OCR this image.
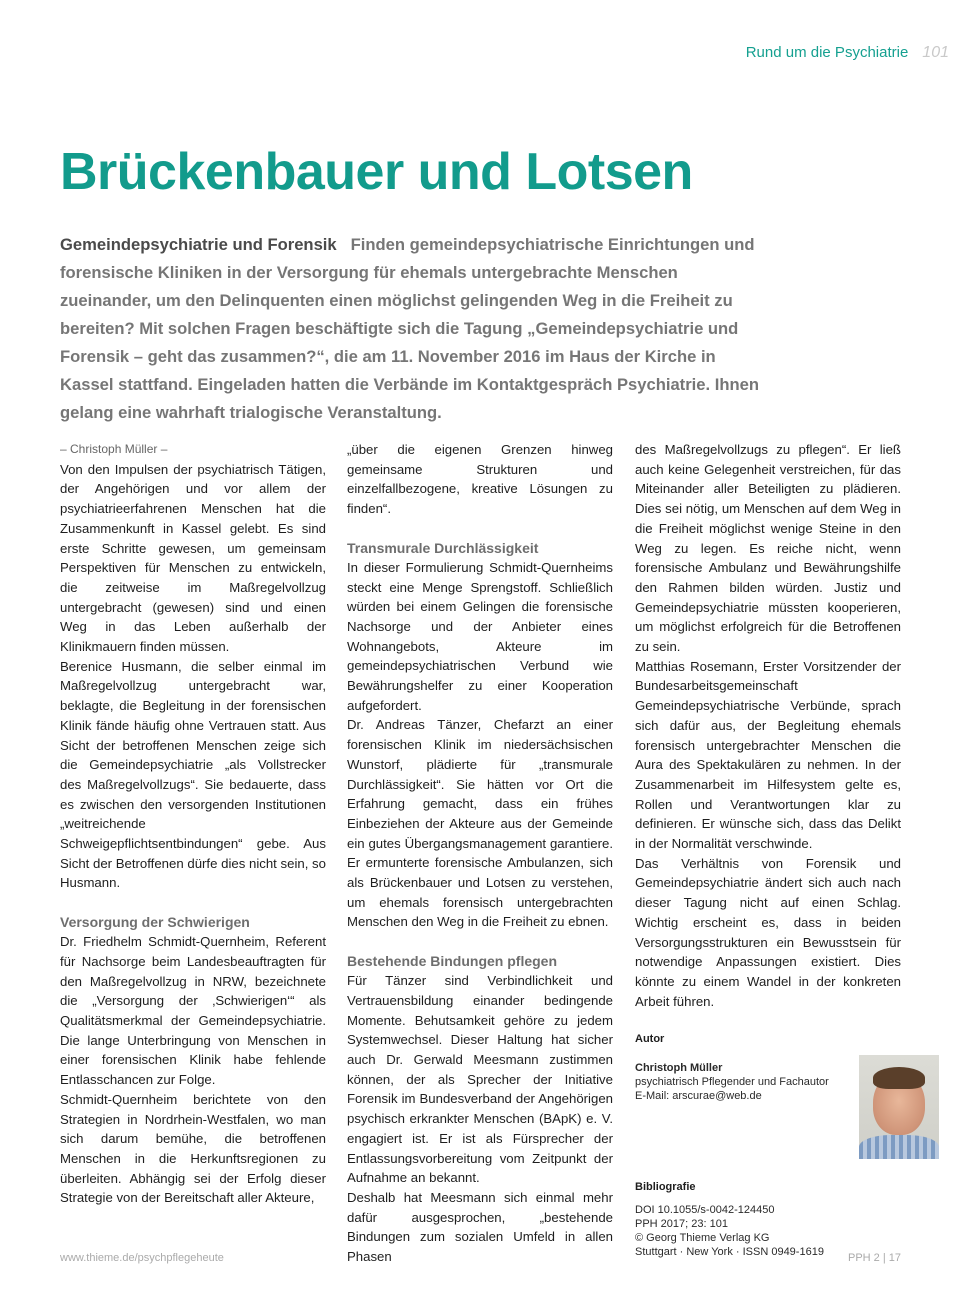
Rund um die Psychiatrie 101
Brückenbauer und Lotsen

Gemeindepsychiatrie und Forensik Finden gemeindepsychiatrische Einrichtungen und forensische Kliniken in der Versorgung für ehemals untergebrachte Menschen zueinander, um den Delinquenten einen möglichst gelingenden Weg in die Freiheit zu bereiten? Mit solchen Fragen beschäftigte sich die Tagung „Gemeindepsychiatrie und Forensik – geht das zusammen?“, die am 11. November 2016 im Haus der Kirche in Kassel stattfand. Eingeladen hatten die Verbände im Kontaktgespräch Psychiatrie. Ihnen gelang eine wahrhaft trialogische Veranstaltung.

– Christoph Müller –

Von den Impulsen der psychiatrisch Tätigen, der Angehörigen und vor allem der psychiatrieerfahrenen Menschen hat die Zusammenkunft in Kassel gelebt. Es sind erste Schritte gewesen, um gemeinsam Perspektiven für Menschen zu entwickeln, die zeitweise im Maßregelvollzug untergebracht (gewesen) sind und einen Weg in das Leben außerhalb der Klinikmauern finden müssen.

Berenice Husmann, die selber einmal im Maßregelvollzug untergebracht war, beklagte, die Begleitung in der forensischen Klinik fände häufig ohne Vertrauen statt. Aus Sicht der betroffenen Menschen zeige sich die Gemeindepsychiatrie „als Vollstrecker des Maßregelvollzugs“. Sie bedauerte, dass es zwischen den versorgenden Institutionen „weitreichende Schweigepflichtsentbindungen“ gebe. Aus Sicht der Betroffenen dürfe dies nicht sein, so Husmann.

Versorgung der Schwierigen

Dr. Friedhelm Schmidt-Quernheim, Referent für Nachsorge beim Landesbeauftragten für den Maßregelvollzug in NRW, bezeichnete die „Versorgung der ‚Schwierigen‘“ als Qualitätsmerkmal der Gemeindepsychiatrie. Die lange Unterbringung von Menschen in einer forensischen Klinik habe fehlende Entlasschancen zur Folge.

Schmidt-Quernheim berichtete von den Strategien in Nordrhein-Westfalen, wo man sich darum bemühe, die betroffenen Menschen in die Herkunftsregionen zu überleiten. Abhängig sei der Erfolg dieser Strategie von der Bereitschaft aller Akteure,

„über die eigenen Grenzen hinweg gemeinsame Strukturen und einzelfallbezogene, kreative Lösungen zu finden“.

Transmurale Durchlässigkeit

In dieser Formulierung Schmidt-Quernheims steckt eine Menge Sprengstoff. Schließlich würden bei einem Gelingen die forensische Nachsorge und der Anbieter eines Wohnangebots, Akteure im gemeindepsychiatrischen Verbund wie Bewährungshelfer zu einer Kooperation aufgefordert.

Dr. Andreas Tänzer, Chefarzt an einer forensischen Klinik im niedersächsischen Wunstorf, plädierte für „transmurale Durchlässigkeit“. Sie hätten vor Ort die Erfahrung gemacht, dass ein frühes Einbeziehen der Akteure aus der Gemeinde ein gutes Übergangsmanagement garantiere. Er ermunterte forensische Ambulanzen, sich als Brückenbauer und Lotsen zu verstehen, um ehemals forensisch untergebrachten Menschen den Weg in die Freiheit zu ebnen.

Bestehende Bindungen pflegen

Für Tänzer sind Verbindlichkeit und Vertrauensbildung einander bedingende Momente. Behutsamkeit gehöre zu jedem Systemwechsel. Dieser Haltung hat sicher auch Dr. Gerwald Meesmann zustimmen können, der als Sprecher der Initiative Forensik im Bundesverband der Angehörigen psychisch erkrankter Menschen (BApK) e. V. engagiert ist. Er ist als Fürsprecher der Entlassungsvorbereitung vom Zeitpunkt der Aufnahme an bekannt.

Deshalb hat Meesmann sich einmal mehr dafür ausgesprochen, „bestehende Bindungen zum sozialen Umfeld in allen Phasen

des Maßregelvollzugs zu pflegen“. Er ließ auch keine Gelegenheit verstreichen, für das Miteinander aller Beteiligten zu plädieren. Dies sei nötig, um Menschen auf dem Weg in die Freiheit möglichst wenige Steine in den Weg zu legen. Es reiche nicht, wenn forensische Ambulanz und Bewährungshilfe den Rahmen bilden würden. Justiz und Gemeindepsychiatrie müssten kooperieren, um möglichst erfolgreich für die Betroffenen zu sein.

Matthias Rosemann, Erster Vorsitzender der Bundesarbeitsgemeinschaft Gemeindepsychiatrische Verbünde, sprach sich dafür aus, der Begleitung ehemals forensisch untergebrachter Menschen die Aura des Spektakulären zu nehmen. In der Zusammenarbeit im Hilfesystem gelte es, Rollen und Verantwortungen klar zu definieren. Er wünsche sich, dass das Delikt in der Normalität verschwinde.

Das Verhältnis von Forensik und Gemeindepsychiatrie ändert sich auch nach dieser Tagung nicht auf einen Schlag. Wichtig erscheint es, dass in beiden Versorgungsstrukturen ein Bewusstsein für notwendige Anpassungen existiert. Dies könnte zu einem Wandel in der konkreten Arbeit führen.

Autor
Christoph Müller
psychiatrisch Pflegender und Fachautor
E-Mail: arscurae@web.de
Bibliografie
DOI 10.1055/s-0042-124450
PPH 2017; 23: 101
© Georg Thieme Verlag KG
Stuttgart · New York · ISSN 0949-1619
www.thieme.de/psychpflegeheute	PPH 2 | 17
